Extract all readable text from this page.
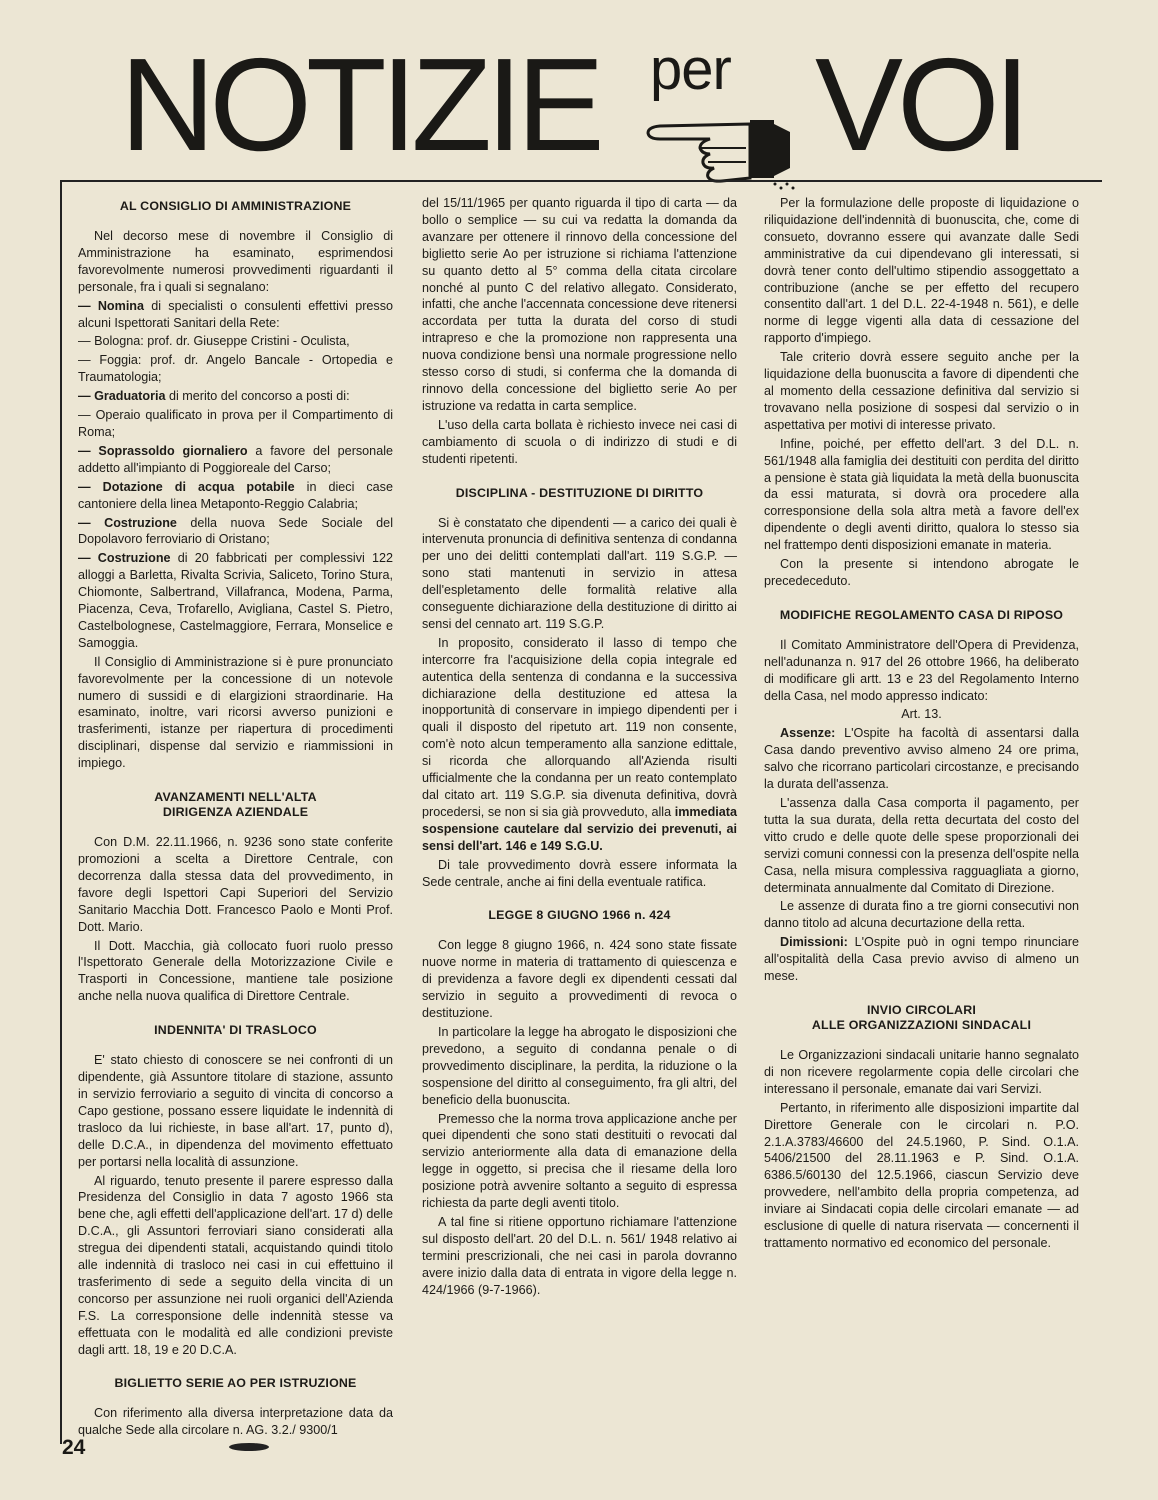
NOTIZIE per VOI
AL CONSIGLIO DI AMMINISTRAZIONE

Nel decorso mese di novembre il Consiglio di Amministrazione ha esaminato, esprimendosi favorevolmente numerosi provvedimenti riguardanti il personale, fra i quali si segnalano:

— Nomina di specialisti o consulenti effettivi presso alcuni Ispettorati Sanitari della Rete:

— Bologna: prof. dr. Giuseppe Cristini - Oculista,

— Foggia: prof. dr. Angelo Bancale - Ortopedia e Traumatologia;

— Graduatoria di merito del concorso a posti di:

— Operaio qualificato in prova per il Compartimento di Roma;

— Soprassoldo giornaliero a favore del personale addetto all'impianto di Poggioreale del Carso;

— Dotazione di acqua potabile in dieci case cantoniere della linea Metaponto-Reggio Calabria;

— Costruzione della nuova Sede Sociale del Dopolavoro ferroviario di Oristano;

— Costruzione di 20 fabbricati per complessivi 122 alloggi a Barletta, Rivalta Scrivia, Saliceto, Torino Stura, Chiomonte, Salbertrand, Villafranca, Modena, Parma, Piacenza, Ceva, Trofarello, Avigliana, Castel S. Pietro, Castelbolognese, Castelmaggiore, Ferrara, Monselice e Samoggia.

Il Consiglio di Amministrazione si è pure pronunciato favorevolmente per la concessione di un notevole numero di sussidi e di elargizioni straordinarie. Ha esaminato, inoltre, vari ricorsi avverso punizioni e trasferimenti, istanze per riapertura di procedimenti disciplinari, dispense dal servizio e riammissioni in impiego.

AVANZAMENTI NELL'ALTA
DIRIGENZA AZIENDALE

Con D.M. 22.11.1966, n. 9236 sono state conferite promozioni a scelta a Direttore Centrale, con decorrenza dalla stessa data del provvedimento, in favore degli Ispettori Capi Superiori del Servizio Sanitario Macchia Dott. Francesco Paolo e Monti Prof. Dott. Mario.

Il Dott. Macchia, già collocato fuori ruolo presso l'Ispettorato Generale della Motorizzazione Civile e Trasporti in Concessione, mantiene tale posizione anche nella nuova qualifica di Direttore Centrale.

INDENNITA' DI TRASLOCO

E' stato chiesto di conoscere se nei confronti di un dipendente, già Assuntore titolare di stazione, assunto in servizio ferroviario a seguito di vincita di concorso a Capo gestione, possano essere liquidate le indennità di trasloco da lui richieste, in base all'art. 17, punto d), delle D.C.A., in dipendenza del movimento effettuato per portarsi nella località di assunzione.

Al riguardo, tenuto presente il parere espresso dalla Presidenza del Consiglio in data 7 agosto 1966 sta bene che, agli effetti dell'applicazione dell'art. 17 d) delle D.C.A., gli Assuntori ferroviari siano considerati alla stregua dei dipendenti statali, acquistando quindi titolo alle indennità di trasloco nei casi in cui effettuino il trasferimento di sede a seguito della vincita di un concorso per assunzione nei ruoli organici dell'Azienda F.S. La corresponsione delle indennità stesse va effettuata con le modalità ed alle condizioni previste dagli artt. 18, 19 e 20 D.C.A.

BIGLIETTO SERIE AO PER ISTRUZIONE

Con riferimento alla diversa interpretazione data da qualche Sede alla circolare n. AG. 3.2./ 9300/1

del 15/11/1965 per quanto riguarda il tipo di carta — da bollo o semplice — su cui va redatta la domanda da avanzare per ottenere il rinnovo della concessione del biglietto serie Ao per istruzione si richiama l'attenzione su quanto detto al 5° comma della citata circolare nonché al punto C del relativo allegato. Considerato, infatti, che anche l'accennata concessione deve ritenersi accordata per tutta la durata del corso di studi intrapreso e che la promozione non rappresenta una nuova condizione bensì una normale progressione nello stesso corso di studi, si conferma che la domanda di rinnovo della concessione del biglietto serie Ao per istruzione va redatta in carta semplice.

L'uso della carta bollata è richiesto invece nei casi di cambiamento di scuola o di indirizzo di studi e di studenti ripetenti.

DISCIPLINA - DESTITUZIONE DI DIRITTO

Si è constatato che dipendenti — a carico dei quali è intervenuta pronuncia di definitiva sentenza di condanna per uno dei delitti contemplati dall'art. 119 S.G.P. — sono stati mantenuti in servizio in attesa dell'espletamento delle formalità relative alla conseguente dichiarazione della destituzione di diritto ai sensi del cennato art. 119 S.G.P.

In proposito, considerato il lasso di tempo che intercorre fra l'acquisizione della copia integrale ed autentica della sentenza di condanna e la successiva dichiarazione della destituzione ed attesa la inopportunità di conservare in impiego dipendenti per i quali il disposto del ripetuto art. 119 non consente, com'è noto alcun temperamento alla sanzione edittale, si ricorda che allorquando all'Azienda risulti ufficialmente che la condanna per un reato contemplato dal citato art. 119 S.G.P. sia divenuta definitiva, dovrà procedersi, se non si sia già provveduto, alla immediata sospensione cautelare dal servizio dei prevenuti, ai sensi dell'art. 146 e 149 S.G.U.

Di tale provvedimento dovrà essere informata la Sede centrale, anche ai fini della eventuale ratifica.

LEGGE 8 GIUGNO 1966 n. 424

Con legge 8 giugno 1966, n. 424 sono state fissate nuove norme in materia di trattamento di quiescenza e di previdenza a favore degli ex dipendenti cessati dal servizio in seguito a provvedimenti di revoca o destituzione.

In particolare la legge ha abrogato le disposizioni che prevedono, a seguito di condanna penale o di provvedimento disciplinare, la perdita, la riduzione o la sospensione del diritto al conseguimento, fra gli altri, del beneficio della buonuscita.

Premesso che la norma trova applicazione anche per quei dipendenti che sono stati destituiti o revocati dal servizio anteriormente alla data di emanazione della legge in oggetto, si precisa che il riesame della loro posizione potrà avvenire soltanto a seguito di espressa richiesta da parte degli aventi titolo.

A tal fine si ritiene opportuno richiamare l'attenzione sul disposto dell'art. 20 del D.L. n. 561/ 1948 relativo ai termini prescrizionali, che nei casi in parola dovranno avere inizio dalla data di entrata in vigore della legge n. 424/1966 (9-7-1966).

Per la formulazione delle proposte di liquidazione o riliquidazione dell'indennità di buonuscita, che, come di consueto, dovranno essere qui avanzate dalle Sedi amministrative da cui dipendevano gli interessati, si dovrà tener conto dell'ultimo stipendio assoggettato a contribuzione (anche se per effetto del recupero consentito dall'art. 1 del D.L. 22-4-1948 n. 561), e delle norme di legge vigenti alla data di cessazione del rapporto d'impiego.

Tale criterio dovrà essere seguito anche per la liquidazione della buonuscita a favore di dipendenti che al momento della cessazione definitiva dal servizio si trovavano nella posizione di sospesi dal servizio o in aspettativa per motivi di interesse privato.

Infine, poiché, per effetto dell'art. 3 del D.L. n. 561/1948 alla famiglia dei destituiti con perdita del diritto a pensione è stata già liquidata la metà della buonuscita da essi maturata, si dovrà ora procedere alla corresponsione della sola altra metà a favore dell'ex dipendente o degli aventi diritto, qualora lo stesso sia nel frattempo denti disposizioni emanate in materia.

Con la presente si intendono abrogate le precedeceduto.

MODIFICHE REGOLAMENTO CASA DI RIPOSO

Il Comitato Amministratore dell'Opera di Previdenza, nell'adunanza n. 917 del 26 ottobre 1966, ha deliberato di modificare gli artt. 13 e 23 del Regolamento Interno della Casa, nel modo appresso indicato:

Art. 13.

Assenze: L'Ospite ha facoltà di assentarsi dalla Casa dando preventivo avviso almeno 24 ore prima, salvo che ricorrano particolari circostanze, e precisando la durata dell'assenza.

L'assenza dalla Casa comporta il pagamento, per tutta la sua durata, della retta decurtata del costo del vitto crudo e delle quote delle spese proporzionali dei servizi comuni connessi con la presenza dell'ospite nella Casa, nella misura complessiva ragguagliata a giorno, determinata annualmente dal Comitato di Direzione.

Le assenze di durata fino a tre giorni consecutivi non danno titolo ad alcuna decurtazione della retta.

Dimissioni: L'Ospite può in ogni tempo rinunciare all'ospitalità della Casa previo avviso di almeno un mese.

INVIO CIRCOLARI
ALLE ORGANIZZAZIONI SINDACALI

Le Organizzazioni sindacali unitarie hanno segnalato di non ricevere regolarmente copia delle circolari che interessano il personale, emanate dai vari Servizi.

Pertanto, in riferimento alle disposizioni impartite dal Direttore Generale con le circolari n. P.O. 2.1.A.3783/46600 del 24.5.1960, P. Sind. O.1.A. 5406/21500 del 28.11.1963 e P. Sind. O.1.A. 6386.5/60130 del 12.5.1966, ciascun Servizio deve provvedere, nell'ambito della propria competenza, ad inviare ai Sindacati copia delle circolari emanate — ad esclusione di quelle di natura riservata — concernenti il trattamento normativo ed economico del personale.

24
